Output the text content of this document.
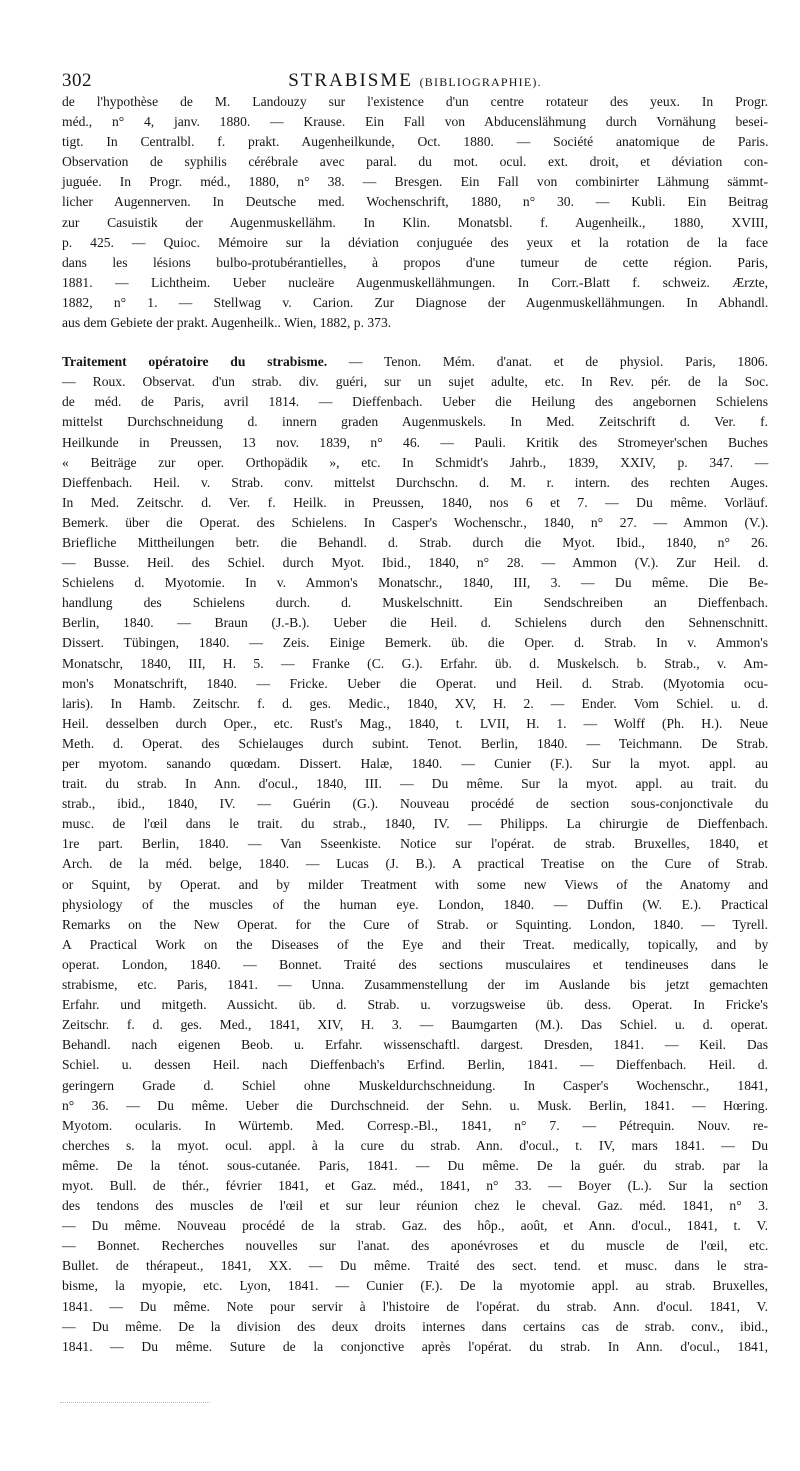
302	STRABISME (BIBLIOGRAPHIE).
de l'hypothèse de M. Landouzy sur l'existence d'un centre rotateur des yeux. In Progr.
méd., n° 4, janv. 1880. — Krause. Ein Fall von Abducenslähmung durch Vornähung besei-
tigt. In Centralbl. f. prakt. Augenheilkunde, Oct. 1880. — Société anatomique de Paris.
Observation de syphilis cérébrale avec paral. du mot. ocul. ext. droit, et déviation con-
juguée. In Progr. méd., 1880, n° 38. — Bresgen. Ein Fall von combinirter Lähmung sämmt-
licher Augennerven. In Deutsche med. Wochenschrift, 1880, n° 30. — Kubli. Ein Beitrag
zur Casuistik der Augenmuskellähm. In Klin. Monatsbl. f. Augenheilk., 1880, XVIII,
p. 425. — Quioc. Mémoire sur la déviation conjuguée des yeux et la rotation de la face
dans les lésions bulbo-protubérantielles, à propos d'une tumeur de cette région. Paris,
1881. — Lichtheim. Ueber nucleäre Augenmuskellähmungen. In Corr.-Blatt f. schweiz. Ærzte,
1882, n° 1. — Stellwag v. Carion. Zur Diagnose der Augenmuskellähmungen. In Abhandl.
aus dem Gebiete der prakt. Augenheilk.. Wien, 1882, p. 373.
Traitement opératoire du strabisme. — Tenon. Mém. d'anat. et de physiol. Paris, 1806.
— Roux. Observat. d'un strab. div. guéri, sur un sujet adulte, etc. In Rev. pér. de la Soc.
de méd. de Paris, avril 1814. — Dieffenbach. Ueber die Heilung des angebornen Schielens
mittelst Durchschneidung d. innern graden Augenmuskels. In Med. Zeitschrift d. Ver. f.
Heilkunde in Preussen, 13 nov. 1839, n° 46. — Pauli. Kritik des Stromeyer'schen Buches
« Beiträge zur oper. Orthopädik », etc. In Schmidt's Jahrb., 1839, XXIV, p. 347. —
Dieffenbach. Heil. v. Strab. conv. mittelst Durchschn. d. M. r. intern. des rechten Auges.
In Med. Zeitschr. d. Ver. f. Heilk. in Preussen, 1840, nos 6 et 7. — Du même. Vorläuf.
Bemerk. über die Operat. des Schielens. In Casper's Wochenschr., 1840, n° 27. — Ammon (V.).
Briefliche Mittheilungen betr. die Behandl. d. Strab. durch die Myot. Ibid., 1840, n° 26.
— Busse. Heil. des Schiel. durch Myot. Ibid., 1840, n° 28. — Ammon (V.). Zur Heil. d.
Schielens d. Myotomie. In v. Ammon's Monatschr., 1840, III, 3. — Du même. Die Be-
handlung des Schielens durch. d. Muskelschnitt. Ein Sendschreiben an Dieffenbach.
Berlin, 1840. — Braun (J.-B.). Ueber die Heil. d. Schielens durch den Sehnenschnitt.
Dissert. Tübingen, 1840. — Zeis. Einige Bemerk. üb. die Oper. d. Strab. In v. Ammon's
Monatschr, 1840, III, H. 5. — Franke (C. G.). Erfahr. üb. d. Muskelsch. b. Strab., v. Am-
mon's Monatschrift, 1840. — Fricke. Ueber die Operat. und Heil. d. Strab. (Myotomia ocu-
laris). In Hamb. Zeitschr. f. d. ges. Medic., 1840, XV, H. 2. — Ender. Vom Schiel. u. d.
Heil. desselben durch Oper., etc. Rust's Mag., 1840, t. LVII, H. 1. — Wolff (Ph. H.). Neue
Meth. d. Operat. des Schielauges durch subint. Tenot. Berlin, 1840. — Teichmann. De Strab.
per myotom. sanando quœdam. Dissert. Halæ, 1840. — Cunier (F.). Sur la myot. appl. au
trait. du strab. In Ann. d'ocul., 1840, III. — Du même. Sur la myot. appl. au trait. du
strab., ibid., 1840, IV. — Guérin (G.). Nouveau procédé de section sous-conjonctivale du
musc. de l'œil dans le trait. du strab., 1840, IV. — Philipps. La chirurgie de Dieffenbach.
1re part. Berlin, 1840. — Van Sseenkiste. Notice sur l'opérat. de strab. Bruxelles, 1840, et
Arch. de la méd. belge, 1840. — Lucas (J. B.). A practical Treatise on the Cure of Strab.
or Squint, by Operat. and by milder Treatment with some new Views of the Anatomy and
physiology of the muscles of the human eye. London, 1840. — Duffin (W. E.). Practical
Remarks on the New Operat. for the Cure of Strab. or Squinting. London, 1840. — Tyrell.
A Practical Work on the Diseases of the Eye and their Treat. medically, topically, and by
operat. London, 1840. — Bonnet. Traité des sections musculaires et tendineuses dans le
strabisme, etc. Paris, 1841. — Unna. Zusammenstellung der im Auslande bis jetzt gemachten
Erfahr. und mitgeth. Aussicht. üb. d. Strab. u. vorzugsweise üb. dess. Operat. In Fricke's
Zeitschr. f. d. ges. Med., 1841, XIV, H. 3. — Baumgarten (M.). Das Schiel. u. d. operat.
Behandl. nach eigenen Beob. u. Erfahr. wissenschaftl. dargest. Dresden, 1841. — Keil. Das
Schiel. u. dessen Heil. nach Dieffenbach's Erfind. Berlin, 1841. — Dieffenbach. Heil. d.
geringern Grade d. Schiel ohne Muskeldurchschneidung. In Casper's Wochenschr., 1841,
n° 36. — Du même. Ueber die Durchschneid. der Sehn. u. Musk. Berlin, 1841. — Hœring.
Myotom. ocularis. In Würtemb. Med. Corresp.-Bl., 1841, n° 7. — Pétrequin. Nouv. re-
cherches s. la myot. ocul. appl. à la cure du strab. Ann. d'ocul., t. IV, mars 1841. — Du
même. De la ténot. sous-cutanée. Paris, 1841. — Du même. De la guér. du strab. par la
myot. Bull. de thér., février 1841, et Gaz. méd., 1841, n° 33. — Boyer (L.). Sur la section
des tendons des muscles de l'œil et sur leur réunion chez le cheval. Gaz. méd. 1841, n° 3.
— Du même. Nouveau procédé de la strab. Gaz. des hôp., août, et Ann. d'ocul., 1841, t. V.
— Bonnet. Recherches nouvelles sur l'anat. des aponévroses et du muscle de l'œil, etc.
Bullet. de thérapeut., 1841, XX. — Du même. Traité des sect. tend. et musc. dans le stra-
bisme, la myopie, etc. Lyon, 1841. — Cunier (F.). De la myotomie appl. au strab. Bruxelles,
1841. — Du même. Note pour servir à l'histoire de l'opérat. du strab. Ann. d'ocul. 1841, V.
— Du même. De la division des deux droits internes dans certains cas de strab. conv., ibid.,
1841. — Du même. Suture de la conjonctive après l'opérat. du strab. In Ann. d'ocul., 1841,
